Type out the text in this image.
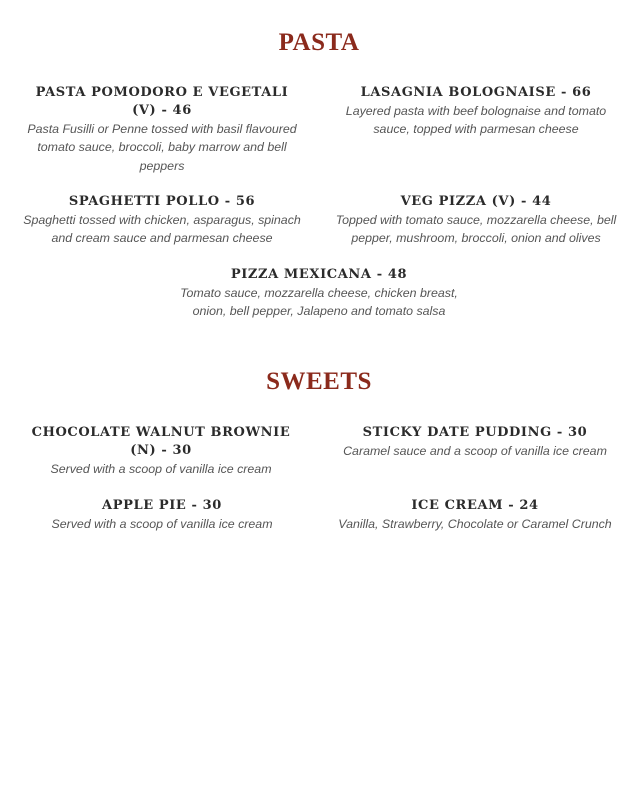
PASTA

PASTA POMODORO E VEGETALI (V) - 46

Pasta Fusilli or Penne tossed with basil flavoured tomato sauce, broccoli, baby marrow and bell peppers

LASAGNIA BOLOGNAISE - 66

Layered pasta with beef bolognaise and tomato sauce, topped with parmesan cheese

SPAGHETTI POLLO - 56

Spaghetti tossed with chicken, asparagus, spinach and cream sauce and parmesan cheese

VEG PIZZA (V) - 44

Topped with tomato sauce, mozzarella cheese, bell pepper, mushroom, broccoli, onion and olives

PIZZA MEXICANA - 48

Tomato sauce, mozzarella cheese, chicken breast, onion, bell pepper, Jalapeno and tomato salsa

SWEETS

CHOCOLATE WALNUT BROWNIE (N) - 30

Served with a scoop of vanilla ice cream

STICKY DATE PUDDING - 30

Caramel sauce and a scoop of vanilla ice cream

APPLE PIE - 30

Served with a scoop of vanilla ice cream

ICE CREAM - 24

Vanilla, Strawberry, Chocolate or Caramel Crunch
